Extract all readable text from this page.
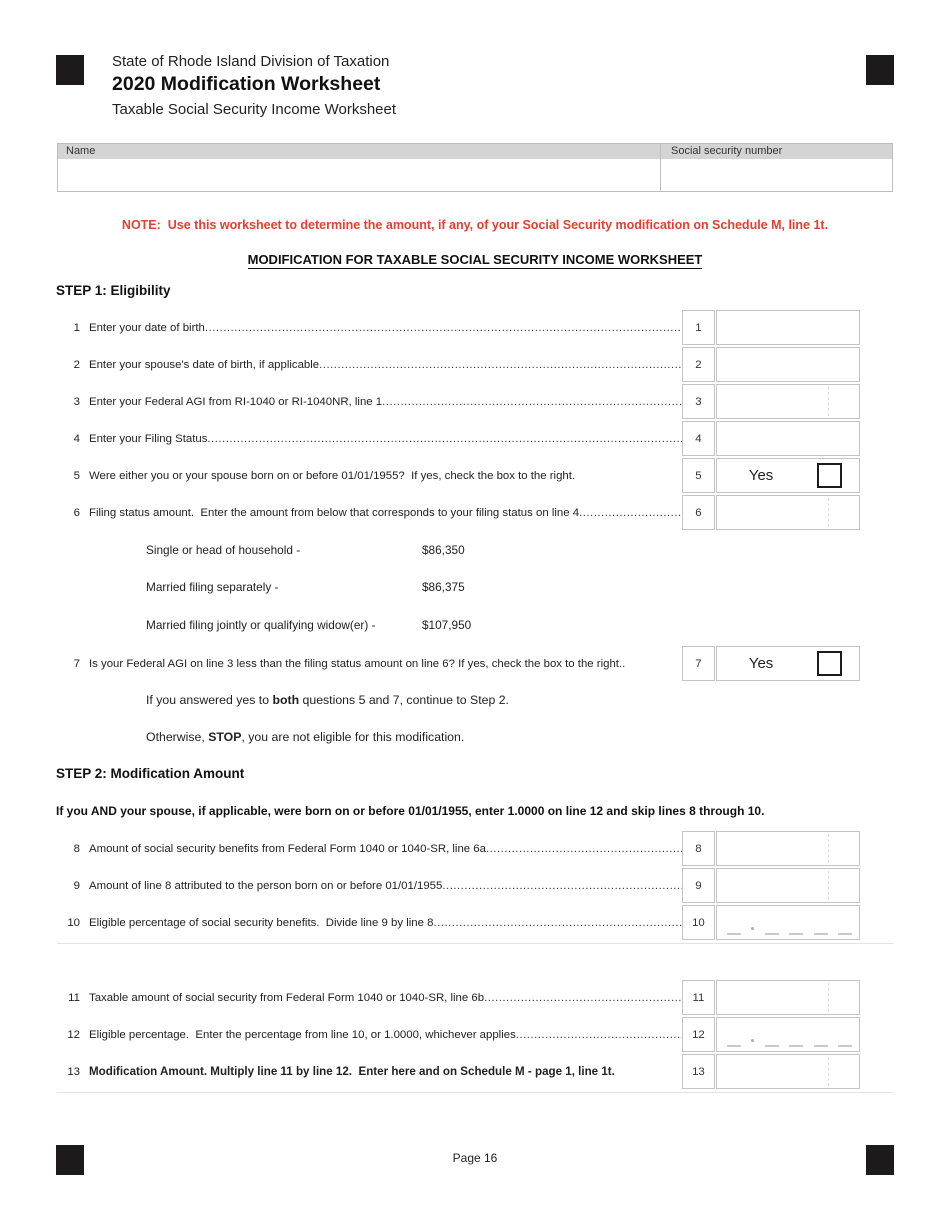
State of Rhode Island Division of Taxation
2020 Modification Worksheet
Taxable Social Security Income Worksheet
Name	Social security number
NOTE:  Use this worksheet to determine the amount, if any, of your Social Security modification on Schedule M, line 1t.
MODIFICATION FOR TAXABLE SOCIAL SECURITY INCOME WORKSHEET
STEP 1: Eligibility
1 Enter your date of birth .....	1
2 Enter your spouse's date of birth, if applicable .....	2
3 Enter your Federal AGI from RI-1040 or RI-1040NR, line 1 .....	3
4 Enter your Filing Status .....	4
5 Were either you or your spouse born on or before 01/01/1955?  If yes, check the box to the right.	5	Yes
6 Filing status amount.  Enter the amount from below that corresponds to your filing status on line 4 .....	6
Single or head of household -	$86,350
Married filing separately -	$86,375
Married filing jointly or qualifying widow(er) -	$107,950
7 Is your Federal AGI on line 3 less than the filing status amount on line 6? If yes, check the box to the right..	7	Yes
If you answered yes to both questions 5 and 7, continue to Step 2.
Otherwise, STOP , you are not eligible for this modification.
STEP 2: Modification Amount
If you AND your spouse, if applicable, were born on or before 01/01/1955, enter 1.0000 on line 12 and skip lines 8 through 10.
8 Amount of social security benefits from Federal Form 1040 or 1040-SR, line 6a .....	8
9 Amount of line 8 attributed to the person born on or before 01/01/1955 .....	9
10 Eligible percentage of social security benefits.  Divide line 9 by line 8 .....	10
11 Taxable amount of social security from Federal Form 1040 or 1040-SR, line 6b .....	11
12 Eligible percentage.  Enter the percentage from line 10, or 1.0000, whichever applies .....	12
13 Modification Amount. Multiply line 11 by line 12.  Enter here and on Schedule M - page 1, line 1t.	13
Page 16
